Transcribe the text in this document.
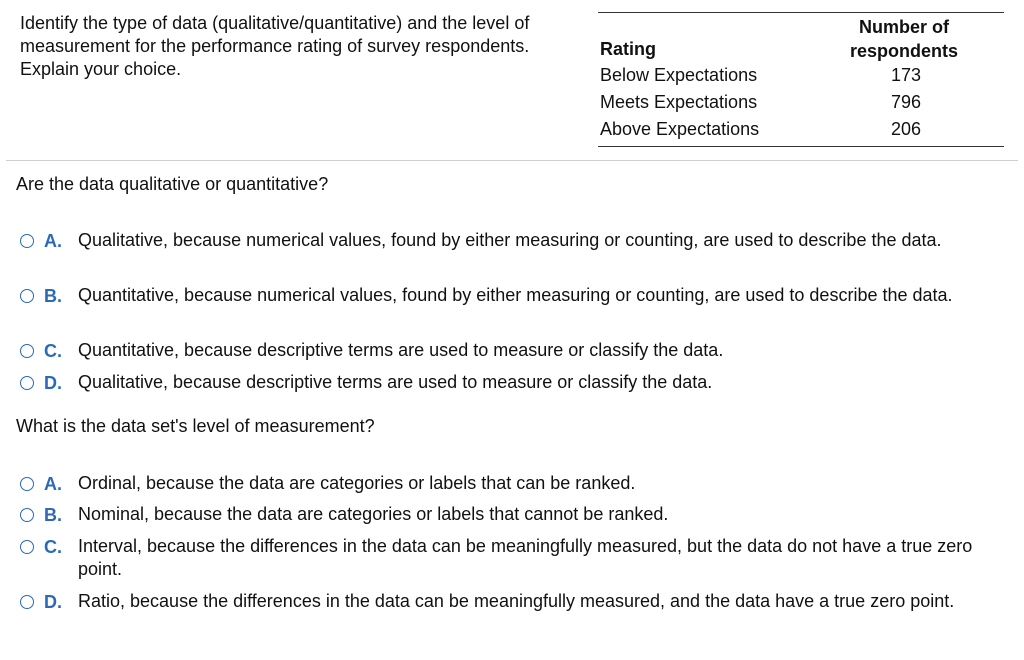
Identify the type of data (qualitative/quantitative) and the level of measurement for the performance rating of survey respondents. Explain your choice.
Rating
Number of
respondents
Below Expectations	173
Meets Expectations	796
Above Expectations	206
Are the data qualitative or quantitative?
A. Qualitative, because numerical values, found by either measuring or counting, are used to describe the data.
B. Quantitative, because numerical values, found by either measuring or counting, are used to describe the data.
C. Quantitative, because descriptive terms are used to measure or classify the data.
D. Qualitative, because descriptive terms are used to measure or classify the data.
What is the data set's level of measurement?
A. Ordinal, because the data are categories or labels that can be ranked.
B. Nominal, because the data are categories or labels that cannot be ranked.
C. Interval, because the differences in the data can be meaningfully measured, but the data do not have a true zero point.
D. Ratio, because the differences in the data can be meaningfully measured, and the data have a true zero point.
